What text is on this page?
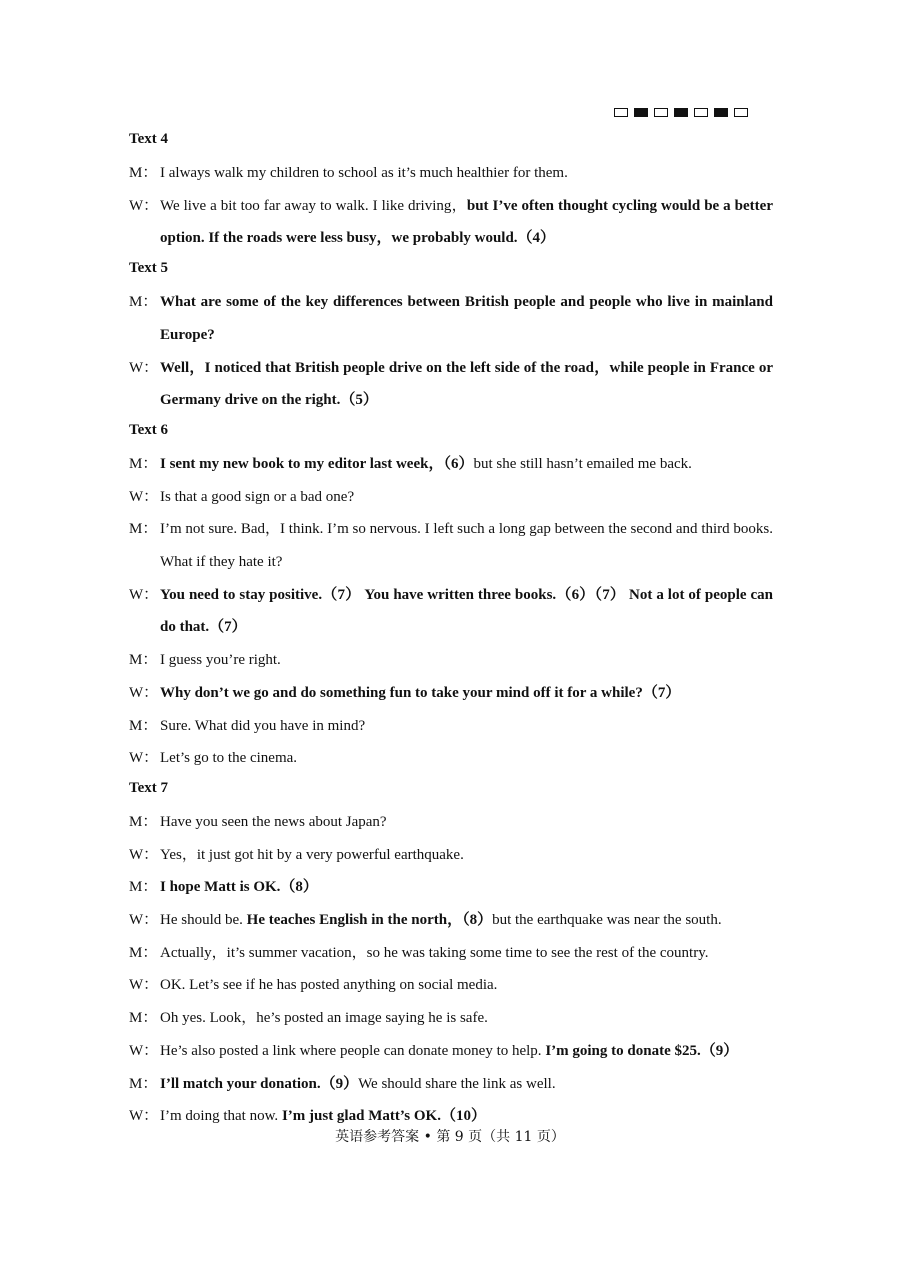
Text 4

M： I always walk my children to school as it’s much healthier for them.

W： We live a bit too far away to walk. I like driving，but I’ve often thought cycling would be a better option. If the roads were less busy，we probably would.（4）

Text 5

M： What are some of the key differences between British people and people who live in mainland Europe?

W： Well，I noticed that British people drive on the left side of the road，while people in France or Germany drive on the right.（5）

Text 6

M： I sent my new book to my editor last week，（6）but she still hasn’t emailed me back.

W： Is that a good sign or a bad one?

M： I’m not sure. Bad，I think. I’m so nervous. I left such a long gap between the second and third books. What if they hate it?

W： You need to stay positive.（7） You have written three books.（6）（7） Not a lot of people can do that.（7）

M： I guess you’re right.

W： Why don’t we go and do something fun to take your mind off it for a while?（7）

M： Sure. What did you have in mind?

W： Let’s go to the cinema.

Text 7

M： Have you seen the news about Japan?

W： Yes，it just got hit by a very powerful earthquake.

M： I hope Matt is OK.（8）

W： He should be. He teaches English in the north，（8）but the earthquake was near the south.

M： Actually，it’s summer vacation，so he was taking some time to see the rest of the country.

W： OK. Let’s see if he has posted anything on social media.

M： Oh yes. Look，he’s posted an image saying he is safe.

W： He’s also posted a link where people can donate money to help. I’m going to donate $25.（9）

M： I’ll match your donation.（9）We should share the link as well.

W： I’m doing that now. I’m just glad Matt’s OK.（10）

英语参考答案 • 第 9 页（共 11 页）
